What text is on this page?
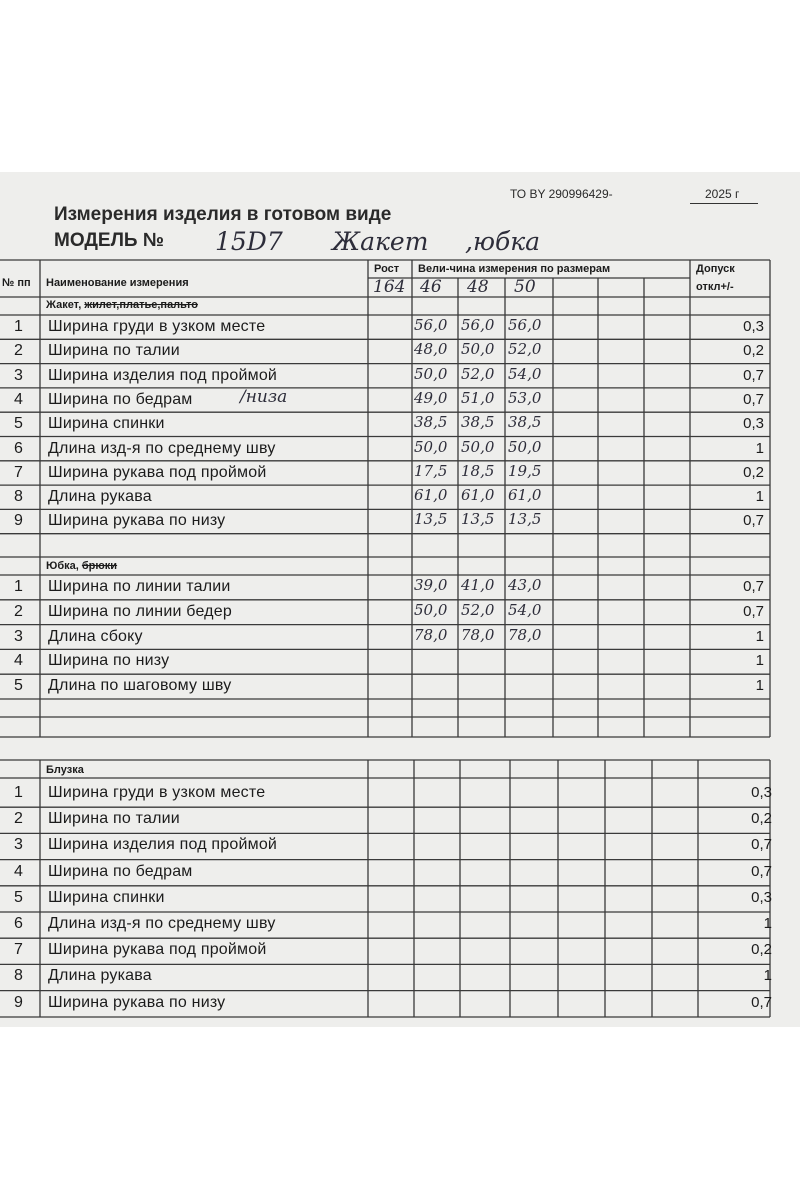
ТО BY 290996429-	2025 г
Измерения изделия в готовом виде
МОДЕЛЬ № 15D7 Жакет ,юбка
№ пп Наименование измерения
Рост Вели-чина измерения по размерам	Допуск
откл+/-
164 46 48 50
Жакет, жилет,платье,пальто
1 Ширина груди в узком месте	56,0 56,0 56,0	0,3
2 Ширина по талии	48,0 50,0 52,0	0,2
3 Ширина изделия под проймой	50,0 52,0 54,0	0,7
4 Ширина по бедрам	/низа	49,0 51,0 53,0	0,7
5 Ширина спинки	38,5 38,5 38,5	0,3
6 Длина изд-я по среднему шву	50,0 50,0 50,0	1
7 Ширина рукава под проймой	17,5 18,5 19,5	0,2
8 Длина рукава	61,0 61,0 61,0	1
9 Ширина рукава по низу	13,5 13,5 13,5	0,7
Юбка, брюки
1 Ширина по линии талии	39,0 41,0 43,0	0,7
2 Ширина по линии бедер	50,0 52,0 54,0	0,7
3 Длина сбоку	78,0 78,0 78,0	1
4 Ширина по низу	1
5 Длина по шаговому шву	1
Блузка
1 Ширина груди в узком месте	0,3
2 Ширина по талии	0,2
3 Ширина изделия под проймой	0,7
4 Ширина по бедрам	0,7
5 Ширина спинки	0,3
6 Длина изд-я по среднему шву	1
7 Ширина рукава под проймой	0,2
8 Длина рукава	1
9 Ширина рукава по низу	0,7
